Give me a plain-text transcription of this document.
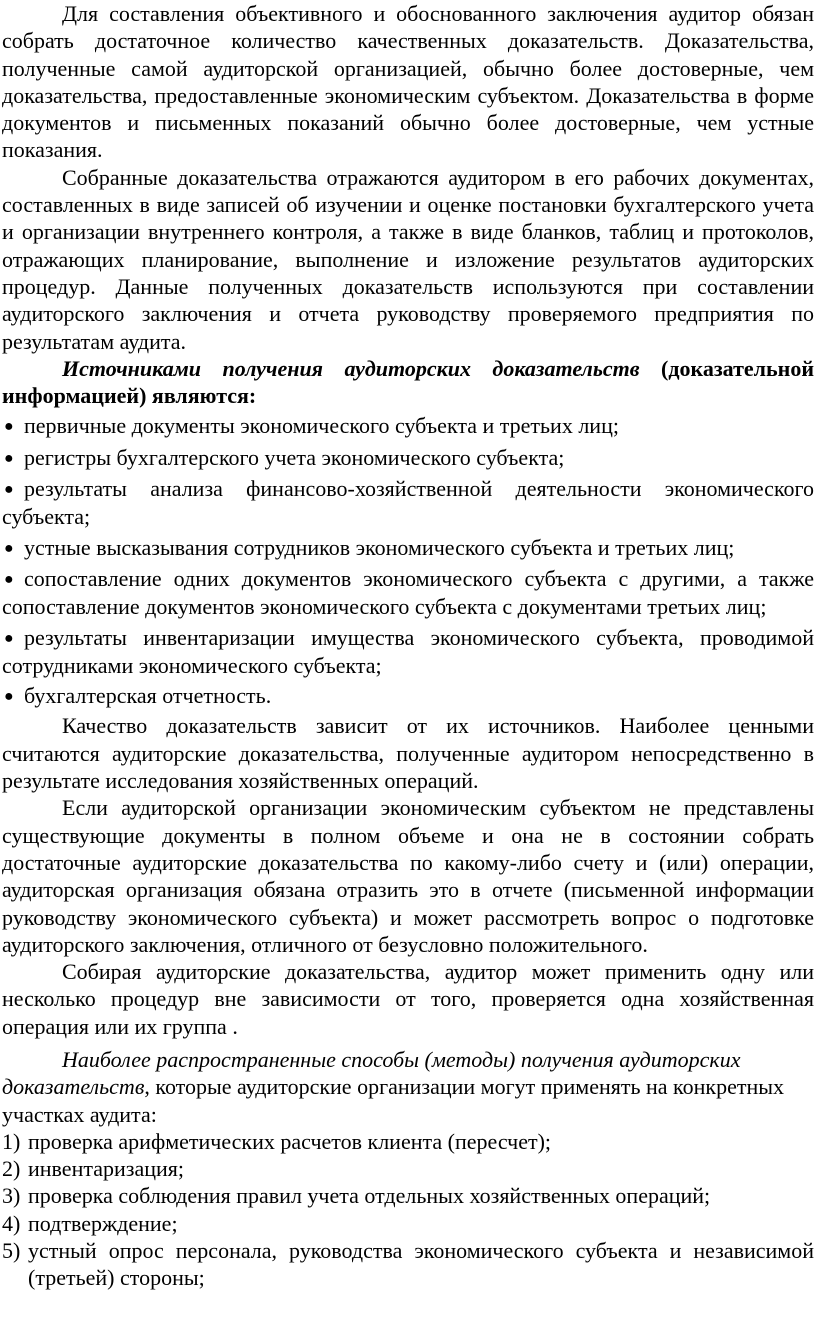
Для составления объективного и обоснованного заключения аудитор обязан собрать достаточное количество качественных доказательств. Доказательства, полученные самой аудиторской организацией, обычно более достоверные, чем доказательства, предоставленные экономическим субъектом. Доказательства в форме документов и письменных показаний обычно более достоверные, чем устные показания.

Собранные доказательства отражаются аудитором в его рабочих документах, составленных в виде записей об изучении и оценке постановки бухгалтерского учета и организации внутреннего контроля, а также в виде бланков, таблиц и протоколов, отражающих планирование, выполнение и изложение результатов аудиторских процедур. Данные полученных доказательств используются при составлении аудиторского заключения и отчета руководству проверяемого предприятия по результатам аудита.

Источниками получения аудиторских доказательств (доказательной информацией) являются:

● первичные документы экономического субъекта и третьих лиц;
● регистры бухгалтерского учета экономического субъекта;
● результаты анализа финансово-хозяйственной деятельности экономического субъекта;
● устные высказывания сотрудников экономического субъекта и третьих лиц;
● сопоставление одних документов экономического субъекта с другими, а также сопоставление документов экономического субъекта с документами третьих лиц;
● результаты инвентаризации имущества экономического субъекта, проводимой сотрудниками экономического субъекта;
● бухгалтерская отчетность.

Качество доказательств зависит от их источников. Наиболее ценными считаются аудиторские доказательства, полученные аудитором непосредственно в результате исследования хозяйственных операций.

Если аудиторской организации экономическим субъектом не представлены существующие документы в полном объеме и она не в состоянии собрать достаточные аудиторские доказательства по какому-либо счету и (или) операции, аудиторская организация обязана отразить это в отчете (письменной информации руководству экономического субъекта) и может рассмотреть вопрос о подготовке аудиторского заключения, отличного от безусловно положительного.

Собирая аудиторские доказательства, аудитор может применить одну или несколько процедур вне зависимости от того, проверяется одна хозяйственная операция или их группа .

Наиболее распространенные способы (методы) получения аудиторских доказательств, которые аудиторские организации могут применять на конкретных участках аудита:

1) проверка арифметических расчетов клиента (пересчет);
2) инвентаризация;
3) проверка соблюдения правил учета отдельных хозяйственных операций;
4) подтверждение;
5) устный опрос персонала, руководства экономического субъекта и независимой (третьей) стороны;
